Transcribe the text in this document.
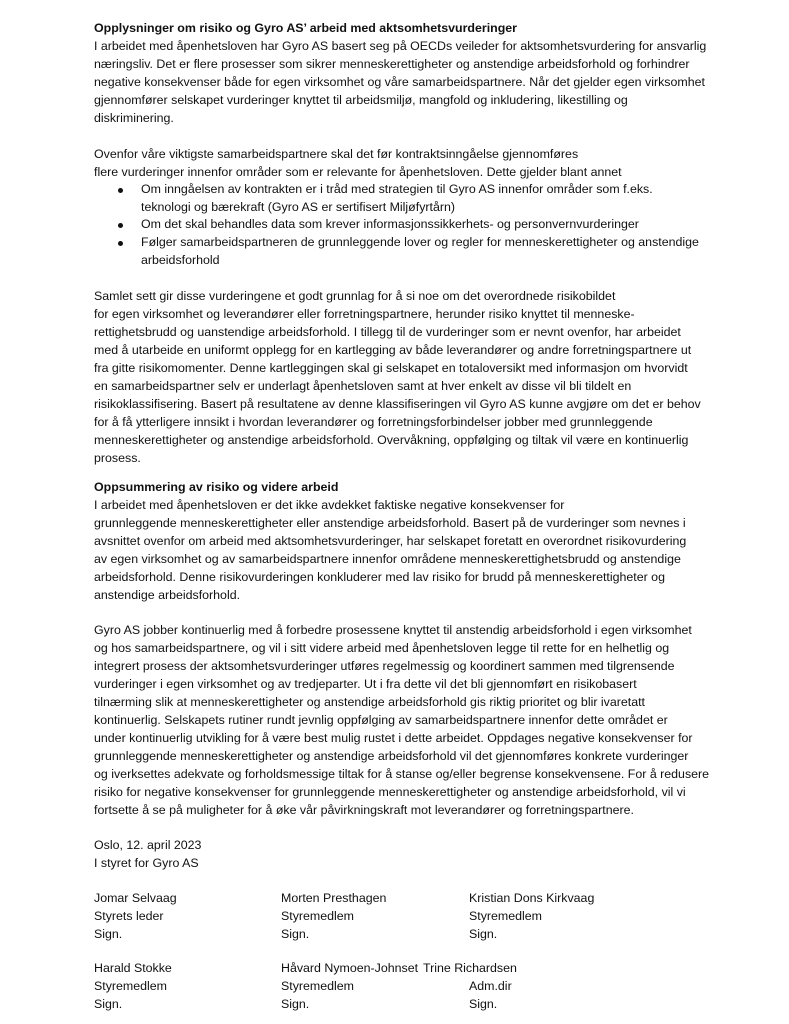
Opplysninger om risiko og Gyro AS’ arbeid med aktsomhetsvurderinger
I arbeidet med åpenhetsloven har Gyro AS basert seg på OECDs veileder for aktsomhetsvurdering for ansvarlig
næringsliv. Det er flere prosesser som sikrer menneskerettigheter og anstendige arbeidsforhold og forhindrer
negative konsekvenser både for egen virksomhet og våre samarbeidspartnere. Når det gjelder egen virksomhet
gjennomfører selskapet vurderinger knyttet til arbeidsmiljø, mangfold og inkludering, likestilling og
diskriminering.
Ovenfor våre viktigste samarbeidspartnere skal det før kontraktsinngåelse gjennomføres
flere vurderinger innenfor områder som er relevante for åpenhetsloven. Dette gjelder blant annet
Om inngåelsen av kontrakten er i tråd med strategien til Gyro AS innenfor områder som f.eks.
teknologi og bærekraft (Gyro AS er sertifisert Miljøfyrtårn)
Om det skal behandles data som krever informasjonssikkerhets- og personvernvurderinger
Følger samarbeidspartneren de grunnleggende lover og regler for menneskerettigheter og anstendige
arbeidsforhold
Samlet sett gir disse vurderingene et godt grunnlag for å si noe om det overordnede risikobildet
for egen virksomhet og leverandører eller forretningspartnere, herunder risiko knyttet til menneske-
rettighetsbrudd og uanstendige arbeidsforhold. I tillegg til de vurderinger som er nevnt ovenfor, har arbeidet
med å utarbeide en uniformt opplegg for en kartlegging av både leverandører og andre forretningspartnere ut
fra gitte risikomomenter. Denne kartleggingen skal gi selskapet en totaloversikt med informasjon om hvorvidt
en samarbeidspartner selv er underlagt åpenhetsloven samt at hver enkelt av disse vil bli tildelt en
risikoklassifisering. Basert på resultatene av denne klassifiseringen vil Gyro AS kunne avgjøre om det er behov
for å få ytterligere innsikt i hvordan leverandører og forretningsforbindelser jobber med grunnleggende
menneskerettigheter og anstendige arbeidsforhold. Overvåkning, oppfølging og tiltak vil være en kontinuerlig
prosess.
Oppsummering av risiko og videre arbeid
I arbeidet med åpenhetsloven er det ikke avdekket faktiske negative konsekvenser for
grunnleggende menneskerettigheter eller anstendige arbeidsforhold. Basert på de vurderinger som nevnes i
avsnittet ovenfor om arbeid med aktsomhetsvurderinger, har selskapet foretatt en overordnet risikovurdering
av egen virksomhet og av samarbeidspartnere innenfor områdene menneskerettighetsbrudd og anstendige
arbeidsforhold. Denne risikovurderingen konkluderer med lav risiko for brudd på menneskerettigheter og
anstendige arbeidsforhold.
Gyro AS jobber kontinuerlig med å forbedre prosessene knyttet til anstendig arbeidsforhold i egen virksomhet
og hos samarbeidspartnere, og vil i sitt videre arbeid med åpenhetsloven legge til rette for en helhetlig og
integrert prosess der aktsomhetsvurderinger utføres regelmessig og koordinert sammen med tilgrensende
vurderinger i egen virksomhet og av tredjeparter. Ut i fra dette vil det bli gjennomført en risikobasert
tilnærming slik at menneskerettigheter og anstendige arbeidsforhold gis riktig prioritet og blir ivaretatt
kontinuerlig. Selskapets rutiner rundt jevnlig oppfølging av samarbeidspartnere innenfor dette området er
under kontinuerlig utvikling for å være best mulig rustet i dette arbeidet. Oppdages negative konsekvenser for
grunnleggende menneskerettigheter og anstendige arbeidsforhold vil det gjennomføres konkrete vurderinger
og iverksettes adekvate og forholdsmessige tiltak for å stanse og/eller begrense konsekvensene. For å redusere
risiko for negative konsekvenser for grunnleggende menneskerettigheter og anstendige arbeidsforhold, vil vi
fortsette å se på muligheter for å øke vår påvirkningskraft mot leverandører og forretningspartnere.
Oslo, 12. april 2023
I styret for Gyro AS
Jomar Selvaag
Styrets leder
Sign.
Morten Presthagen
Styremedlem
Sign.
Kristian Dons Kirkvaag
Styremedlem
Sign.
Harald Stokke
Styremedlem
Sign.
Håvard Nymoen-Johnset
Styremedlem
Sign.
Trine Richardsen
Adm.dir
Sign.
